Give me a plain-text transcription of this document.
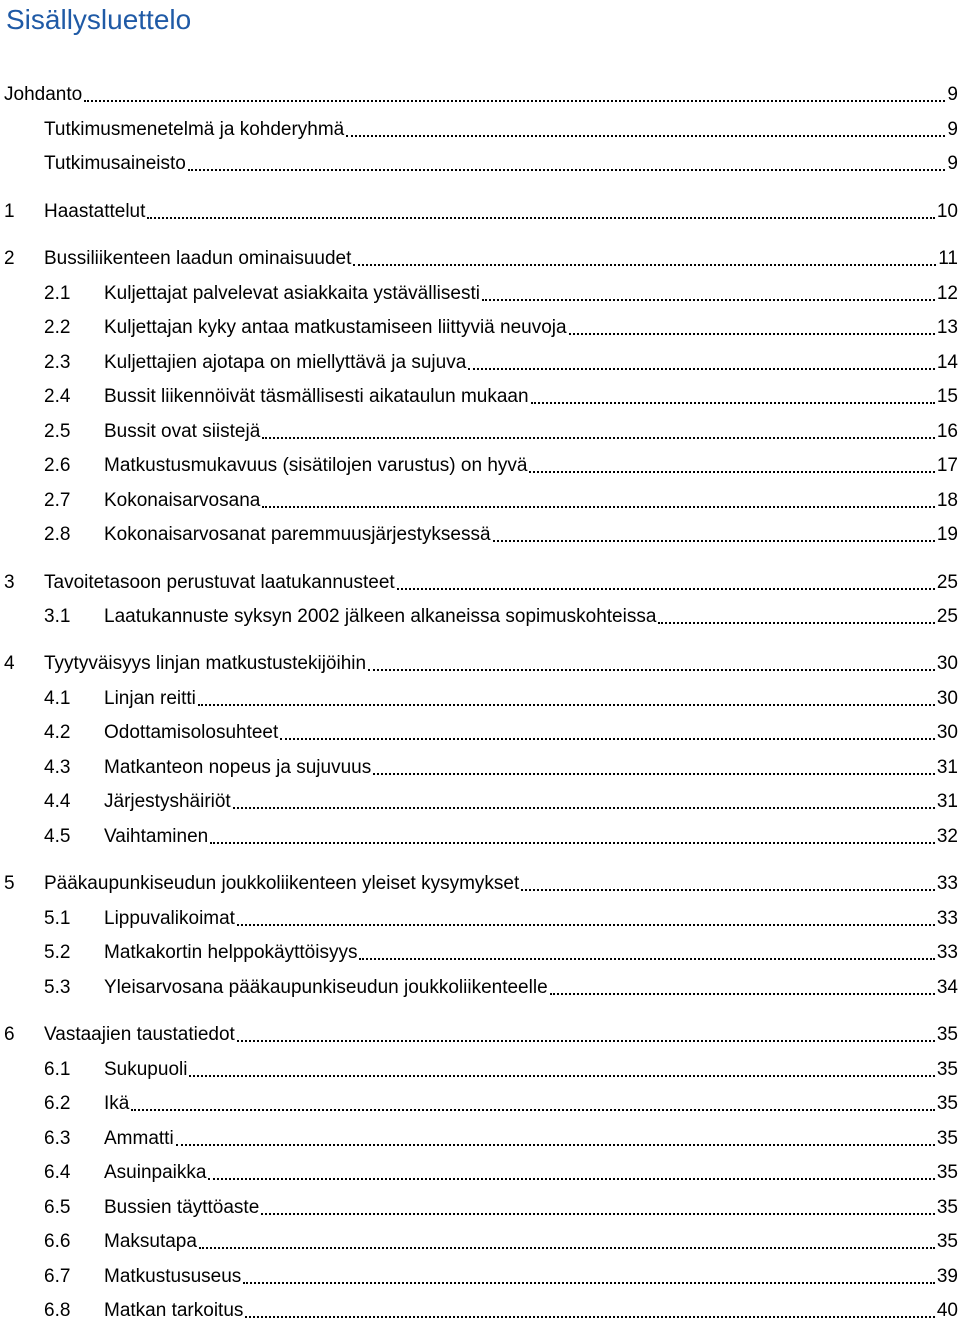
Sisällysluettelo
Johdanto	9
Tutkimusmenetelmä ja kohderyhmä	9
Tutkimusaineisto	9
1	Haastattelut	10
2	Bussiliikenteen laadun ominaisuudet	11
2.1	Kuljettajat palvelevat asiakkaita ystävällisesti	12
2.2	Kuljettajan kyky antaa matkustamiseen liittyviä neuvoja	13
2.3	Kuljettajien ajotapa on miellyttävä ja sujuva	14
2.4	Bussit liikennöivät täsmällisesti aikataulun mukaan	15
2.5	Bussit ovat siistejä	16
2.6	Matkustusmukavuus (sisätilojen varustus) on hyvä	17
2.7	Kokonaisarvosana	18
2.8	Kokonaisarvosanat paremmuusjärjestyksessä	19
3	Tavoitetasoon perustuvat laatukannusteet	25
3.1	Laatukannuste syksyn 2002 jälkeen alkaneissa sopimuskohteissa	25
4	Tyytyväisyys linjan matkustustekijöihin	30
4.1	Linjan reitti	30
4.2	Odottamisolosuhteet	30
4.3	Matkanteon nopeus ja sujuvuus	31
4.4	Järjestyshäiriöt	31
4.5	Vaihtaminen	32
5	Pääkaupunkiseudun joukkoliikenteen yleiset kysymykset	33
5.1	Lippuvalikoimat	33
5.2	Matkakortin helppokäyttöisyys	33
5.3	Yleisarvosana pääkaupunkiseudun joukkoliikenteelle	34
6	Vastaajien taustatiedot	35
6.1	Sukupuoli	35
6.2	Ikä	35
6.3	Ammatti	35
6.4	Asuinpaikka	35
6.5	Bussien täyttöaste	35
6.6	Maksutapa	35
6.7	Matkustususeus	39
6.8	Matkan tarkoitus	40
